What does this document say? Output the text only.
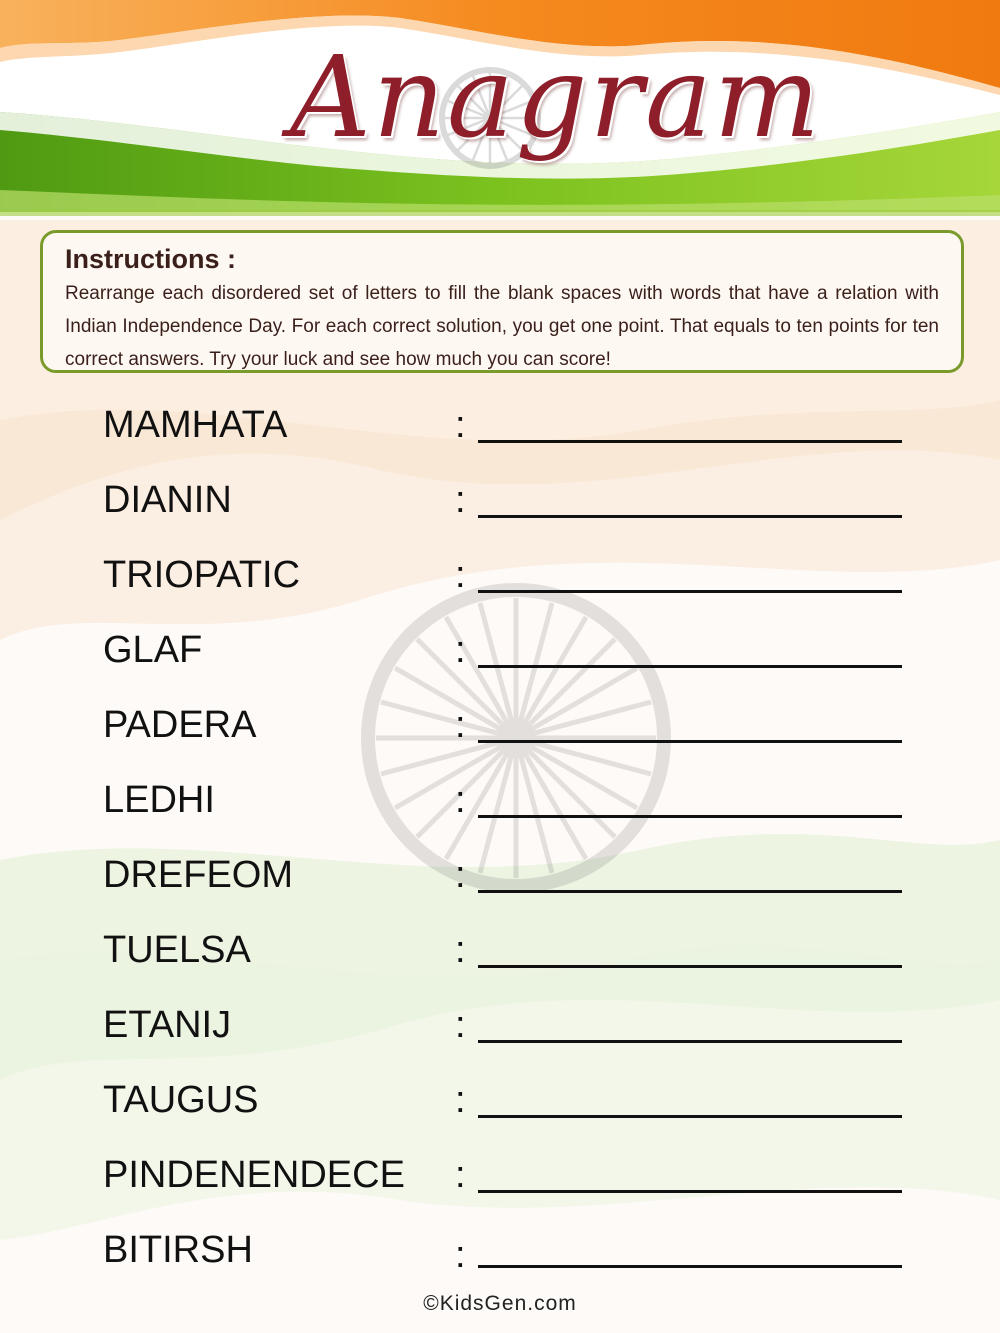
Anagram

Instructions :

Rearrange each disordered set of letters to fill the blank spaces with words that have a relation with Indian Independence Day. For each correct solution, you get one point. That equals to ten points for ten correct answers. Try your luck and see how much you can score!

MAMHATA	:
DIANIN	:
TRIOPATIC	:
GLAF	:
PADERA	:
LEDHI	:
DREFEOM	:
TUELSA	:
ETANIJ	:
TAUGUS	:
PINDENENDECE :
BITIRSH	:
©KidsGen.com
